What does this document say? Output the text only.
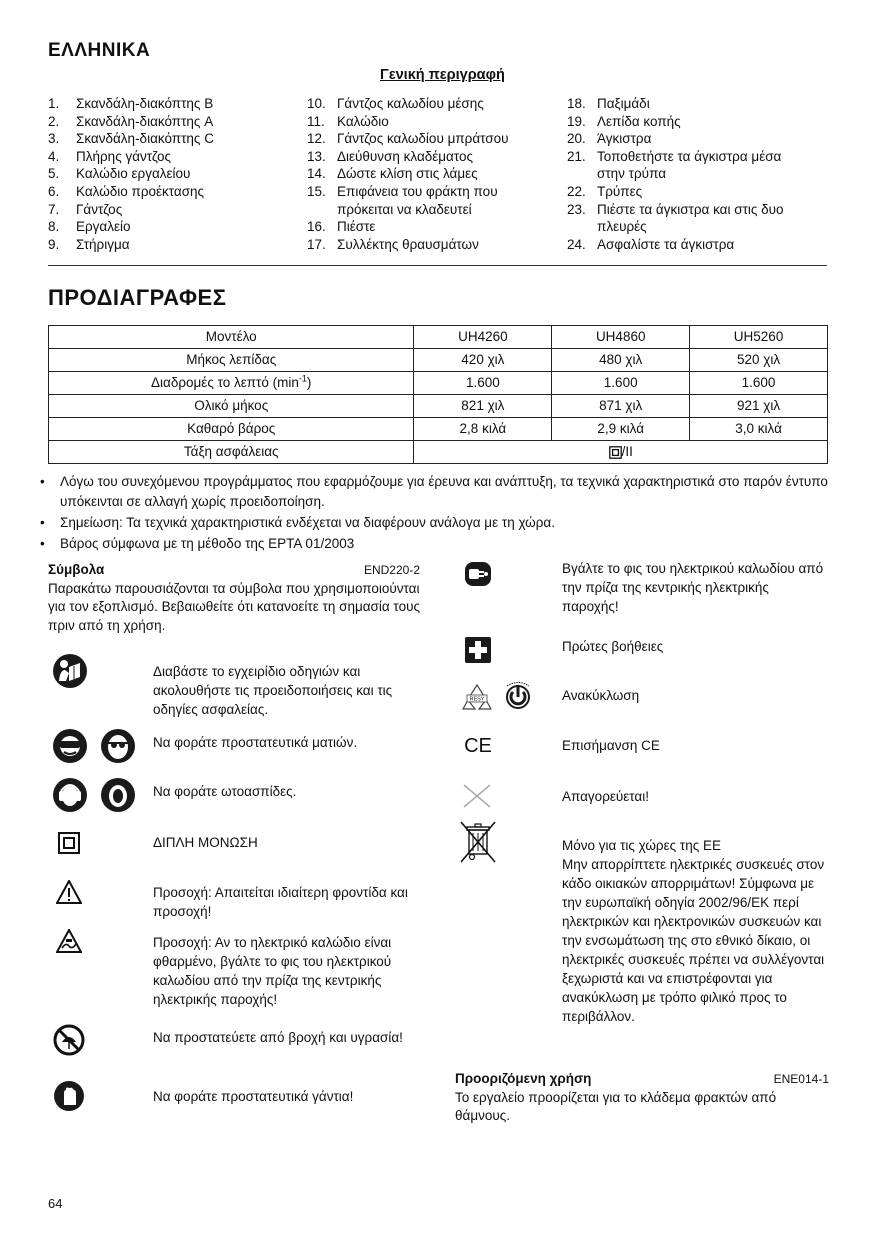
ΕΛΛΗΝΙΚΑ
Γενική περιγραφή
1.	Σκανδάλη-διακόπτης B
2.	Σκανδάλη-διακόπτης A
3.	Σκανδάλη-διακόπτης C
4.	Πλήρης γάντζος
5.	Καλώδιο εργαλείου
6.	Καλώδιο προέκτασης
7.	Γάντζος
8.	Εργαλείο
9.	Στήριγμα
10. Γάντζος καλωδίου μέσης
11. Καλώδιο
12. Γάντζος καλωδίου μπράτσου
13. Διεύθυνση κλαδέματος
14. Δώστε κλίση στις λάμες
15. Επιφάνεια του φράκτη που
πρόκειται να κλαδευτεί
16. Πιέστε
17. Συλλέκτης θραυσμάτων
18. Παξιμάδι
19. Λεπίδα κοπής
20. Άγκιστρα
21. Τοποθετήστε τα άγκιστρα μέσα
στην τρύπα
22. Τρύπες
23. Πιέστε τα άγκιστρα και στις δυο
πλευρές
24. Ασφαλίστε τα άγκιστρα
ΠΡΟΔΙΑΓΡΑΦΕΣ
Μοντέλο	UH4260	UH4860	UH5260
Μήκος λεπίδας	420 χιλ	480 χιλ	520 χιλ
Διαδρομές το λεπτό $(\min^{-1})$	1.600	1.600	1.600
Ολικό μήκος	821 χιλ	871 χιλ	921 χιλ
Καθαρό βάρος	2,8 κιλά	2,9 κιλά	3,0 κιλά
Τάξη ασφάλειας	/II		
•	Λόγω του συνεχόμενου προγράμματος που εφαρμόζουμε για έρευνα και ανάπτυξη, τα τεχνικά χαρακτηριστικά στο παρόν έντυπο υπόκεινται σε αλλαγή χωρίς προειδοποίηση.
•	Σημείωση: Τα τεχνικά χαρακτηριστικά ενδέχεται να διαφέρουν ανάλογα με τη χώρα.
•	Βάρος σύμφωνα με τη μέθοδο της EPTA 01/2003
Σύμβολα	END220-2
Παρακάτω παρουσιάζονται τα σύμβολα που χρησιμοποιούνται για τον εξοπλισμό. Βεβαιωθείτε ότι κατανοείτε τη σημασία τους πριν από τη χρήση.
Διαβάστε το εγχειρίδιο οδηγιών και ακολουθήστε τις προειδοποιήσεις και τις οδηγίες ασφαλείας.
Να φοράτε προστατευτικά ματιών.
Να φοράτε ωτοασπίδες.
ΔΙΠΛΗ ΜΟΝΩΣΗ
Προσοχή: Απαιτείται ιδιαίτερη φροντίδα και προσοχή!
Προσοχή: Αν το ηλεκτρικό καλώδιο είναι φθαρμένο, βγάλτε το φις του ηλεκτρικού καλωδίου από την πρίζα της κεντρικής ηλεκτρικής παροχής!
Να προστατεύετε από βροχή και υγρασία!
Να φοράτε προστατευτικά γάντια!
Βγάλτε το φις του ηλεκτρικού καλωδίου από την πρίζα της κεντρικής ηλεκτρικής παροχής!
Πρώτες βοήθειες
RESY	Ανακύκλωση
CE	Επισήμανση CE
Απαγορεύεται!
Μόνο για τις χώρες της ΕΕ
Μην απορρίπτετε ηλεκτρικές συσκευές στον κάδο οικιακών απορριμάτων! Σύμφωνα με την ευρωπαϊκή οδηγία 2002/96/ΕΚ περί ηλεκτρικών και ηλεκτρονικών συσκευών και την ενσωμάτωση της στο εθνικό δίκαιο, οι ηλεκτρικές συσκευές πρέπει να συλλέγονται ξεχωριστά και να επιστρέφονται για ανακύκλωση με τρόπο φιλικό προς το περιβάλλον.
Προοριζόμενη χρήση	ENE014-1
Το εργαλείο προορίζεται για το κλάδεμα φρακτών από θάμνους.
64
